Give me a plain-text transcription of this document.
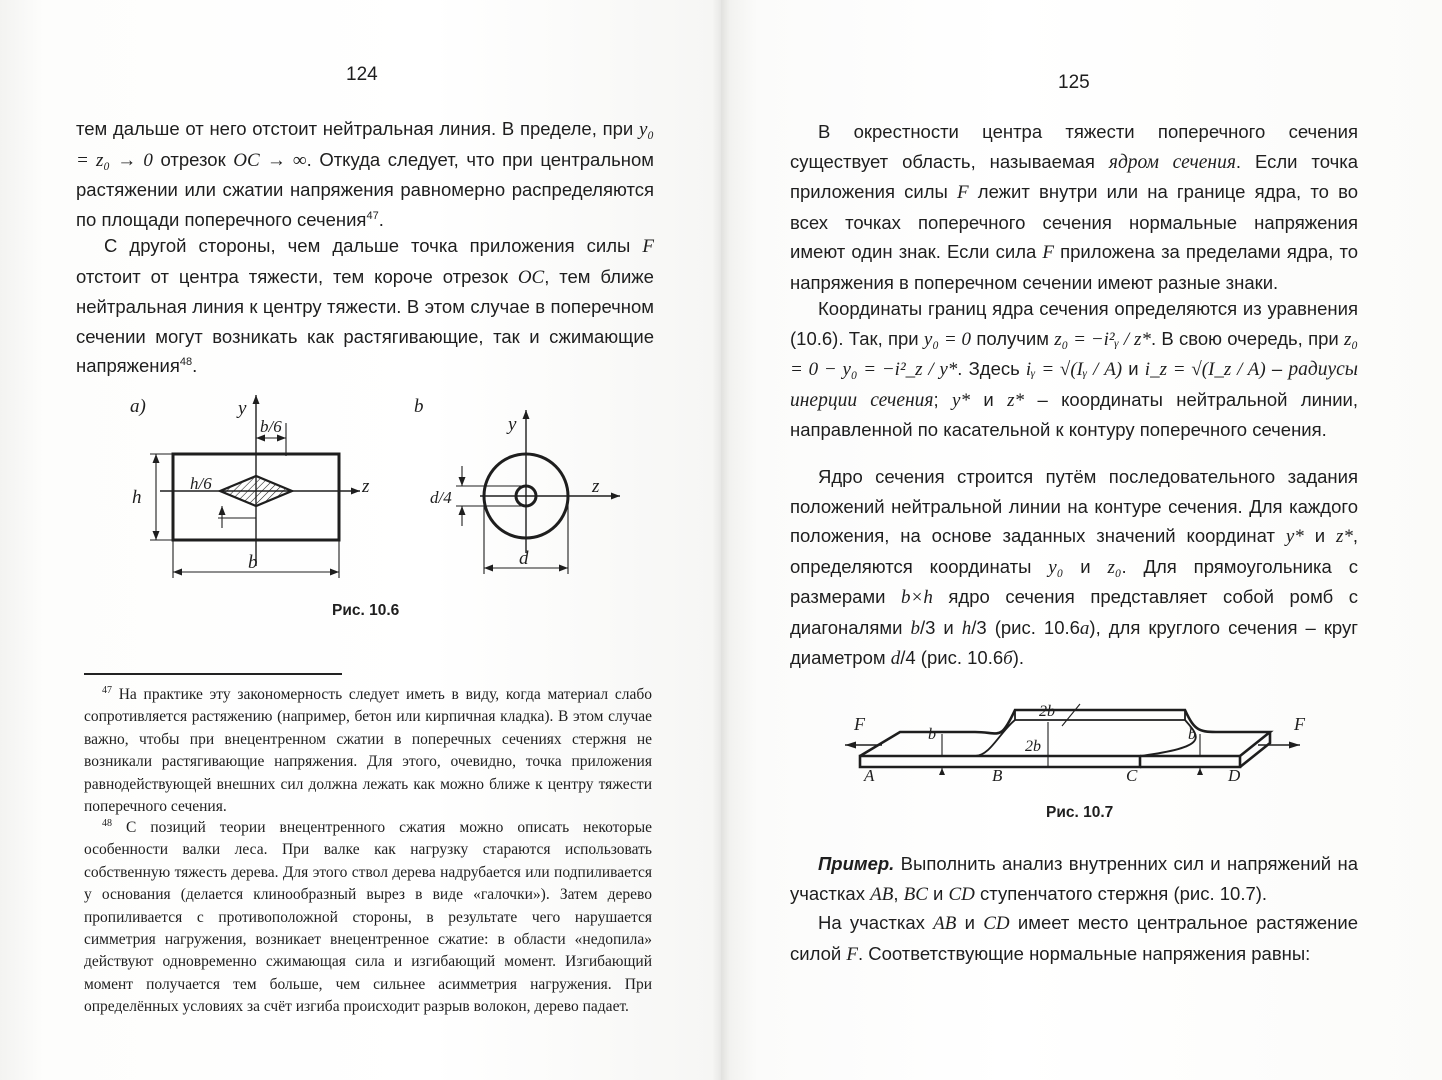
124

тем дальше от него отстоит нейтральная линия. В пределе, при y₀ = z₀ → 0 отрезок OC → ∞. Откуда следует, что при центральном растяжении или сжатии напряжения равномерно распределяются по площади поперечного сечения$^{47}$.

С другой стороны, чем дальше точка приложения силы F отстоит от центра тяжести, тем короче отрезок OC, тем ближе нейтральная линия к центру тяжести. В этом случае в поперечном сечении могут возникать как растягивающие, так и сжимающие напряжения$^{48}$.

а)	y
z
b/6
h/6
h
b
b
y
z
d/4
d
Рис. 10.6

$^{47}$ На практике эту закономерность следует иметь в виду, когда материал слабо сопротивляется растяжению (например, бетон или кирпичная кладка). В этом случае важно, чтобы при внецентренном сжатии в поперечных сечениях стержня не возникали растягивающие напряжения. Для этого, очевидно, точка приложения равнодействующей внешних сил должна лежать как можно ближе к центру тяжести поперечного сечения.

$^{48}$ С позиций теории внецентренного сжатия можно описать некоторые особенности валки леса. При валке как нагрузку стараются использовать собственную тяжесть дерева. Для этого ствол дерева надрубается или подпиливается у основания (делается клинообразный вырез в виде «галочки»). Затем дерево пропиливается с противоположной стороны, в результате чего нарушается симметрия нагружения, возникает внецентренное сжатие: в области «недопила» действуют одновременно сжимающая сила и изгибающий момент. Изгибающий момент получается тем больше, чем сильнее асимметрия нагружения. При определённых условиях за счёт изгиба происходит разрыв волокон, дерево падает.

125

В окрестности центра тяжести поперечного сечения существует область, называемая ядром сечения. Если точка приложения силы F лежит внутри или на границе ядра, то во всех точках поперечного сечения нормальные напряжения имеют один знак. Если сила F приложена за пределами ядра, то напряжения в поперечном сечении имеют разные знаки.

Координаты границ ядра сечения определяются из уравнения (10.6). Так, при y₀ = 0 получим z₀ = −i²ᵧ / z*. В свою очередь, при z₀ = 0 − y₀ = −i²_z / y*. Здесь iᵧ = √(Iᵧ / A) и i_z = √(I_z / A) – радиусы инерции сечения; y* и z* – координаты нейтральной линии, направленной по касательной к контуру поперечного сечения.

Ядро сечения строится путём последовательного задания положений нейтральной линии на контуре сечения. Для каждого положения, на основе заданных значений координат y* и z*, определяются координаты y₀ и z₀. Для прямоугольника с размерами b×h ядро сечения представляет собой ромб с диагоналями b/3 и h/3 (рис. 10.6а), для круглого сечения – круг диаметром d/4 (рис. 10.6б).

F	F
b	b
2b
2b
A	B	C	D
Рис. 10.7

Пример. Выполнить анализ внутренних сил и напряжений на участках AB, BC и CD ступенчатого стержня (рис. 10.7).

На участках AB и CD имеет место центральное растяжение силой F. Соответствующие нормальные напряжения равны:
